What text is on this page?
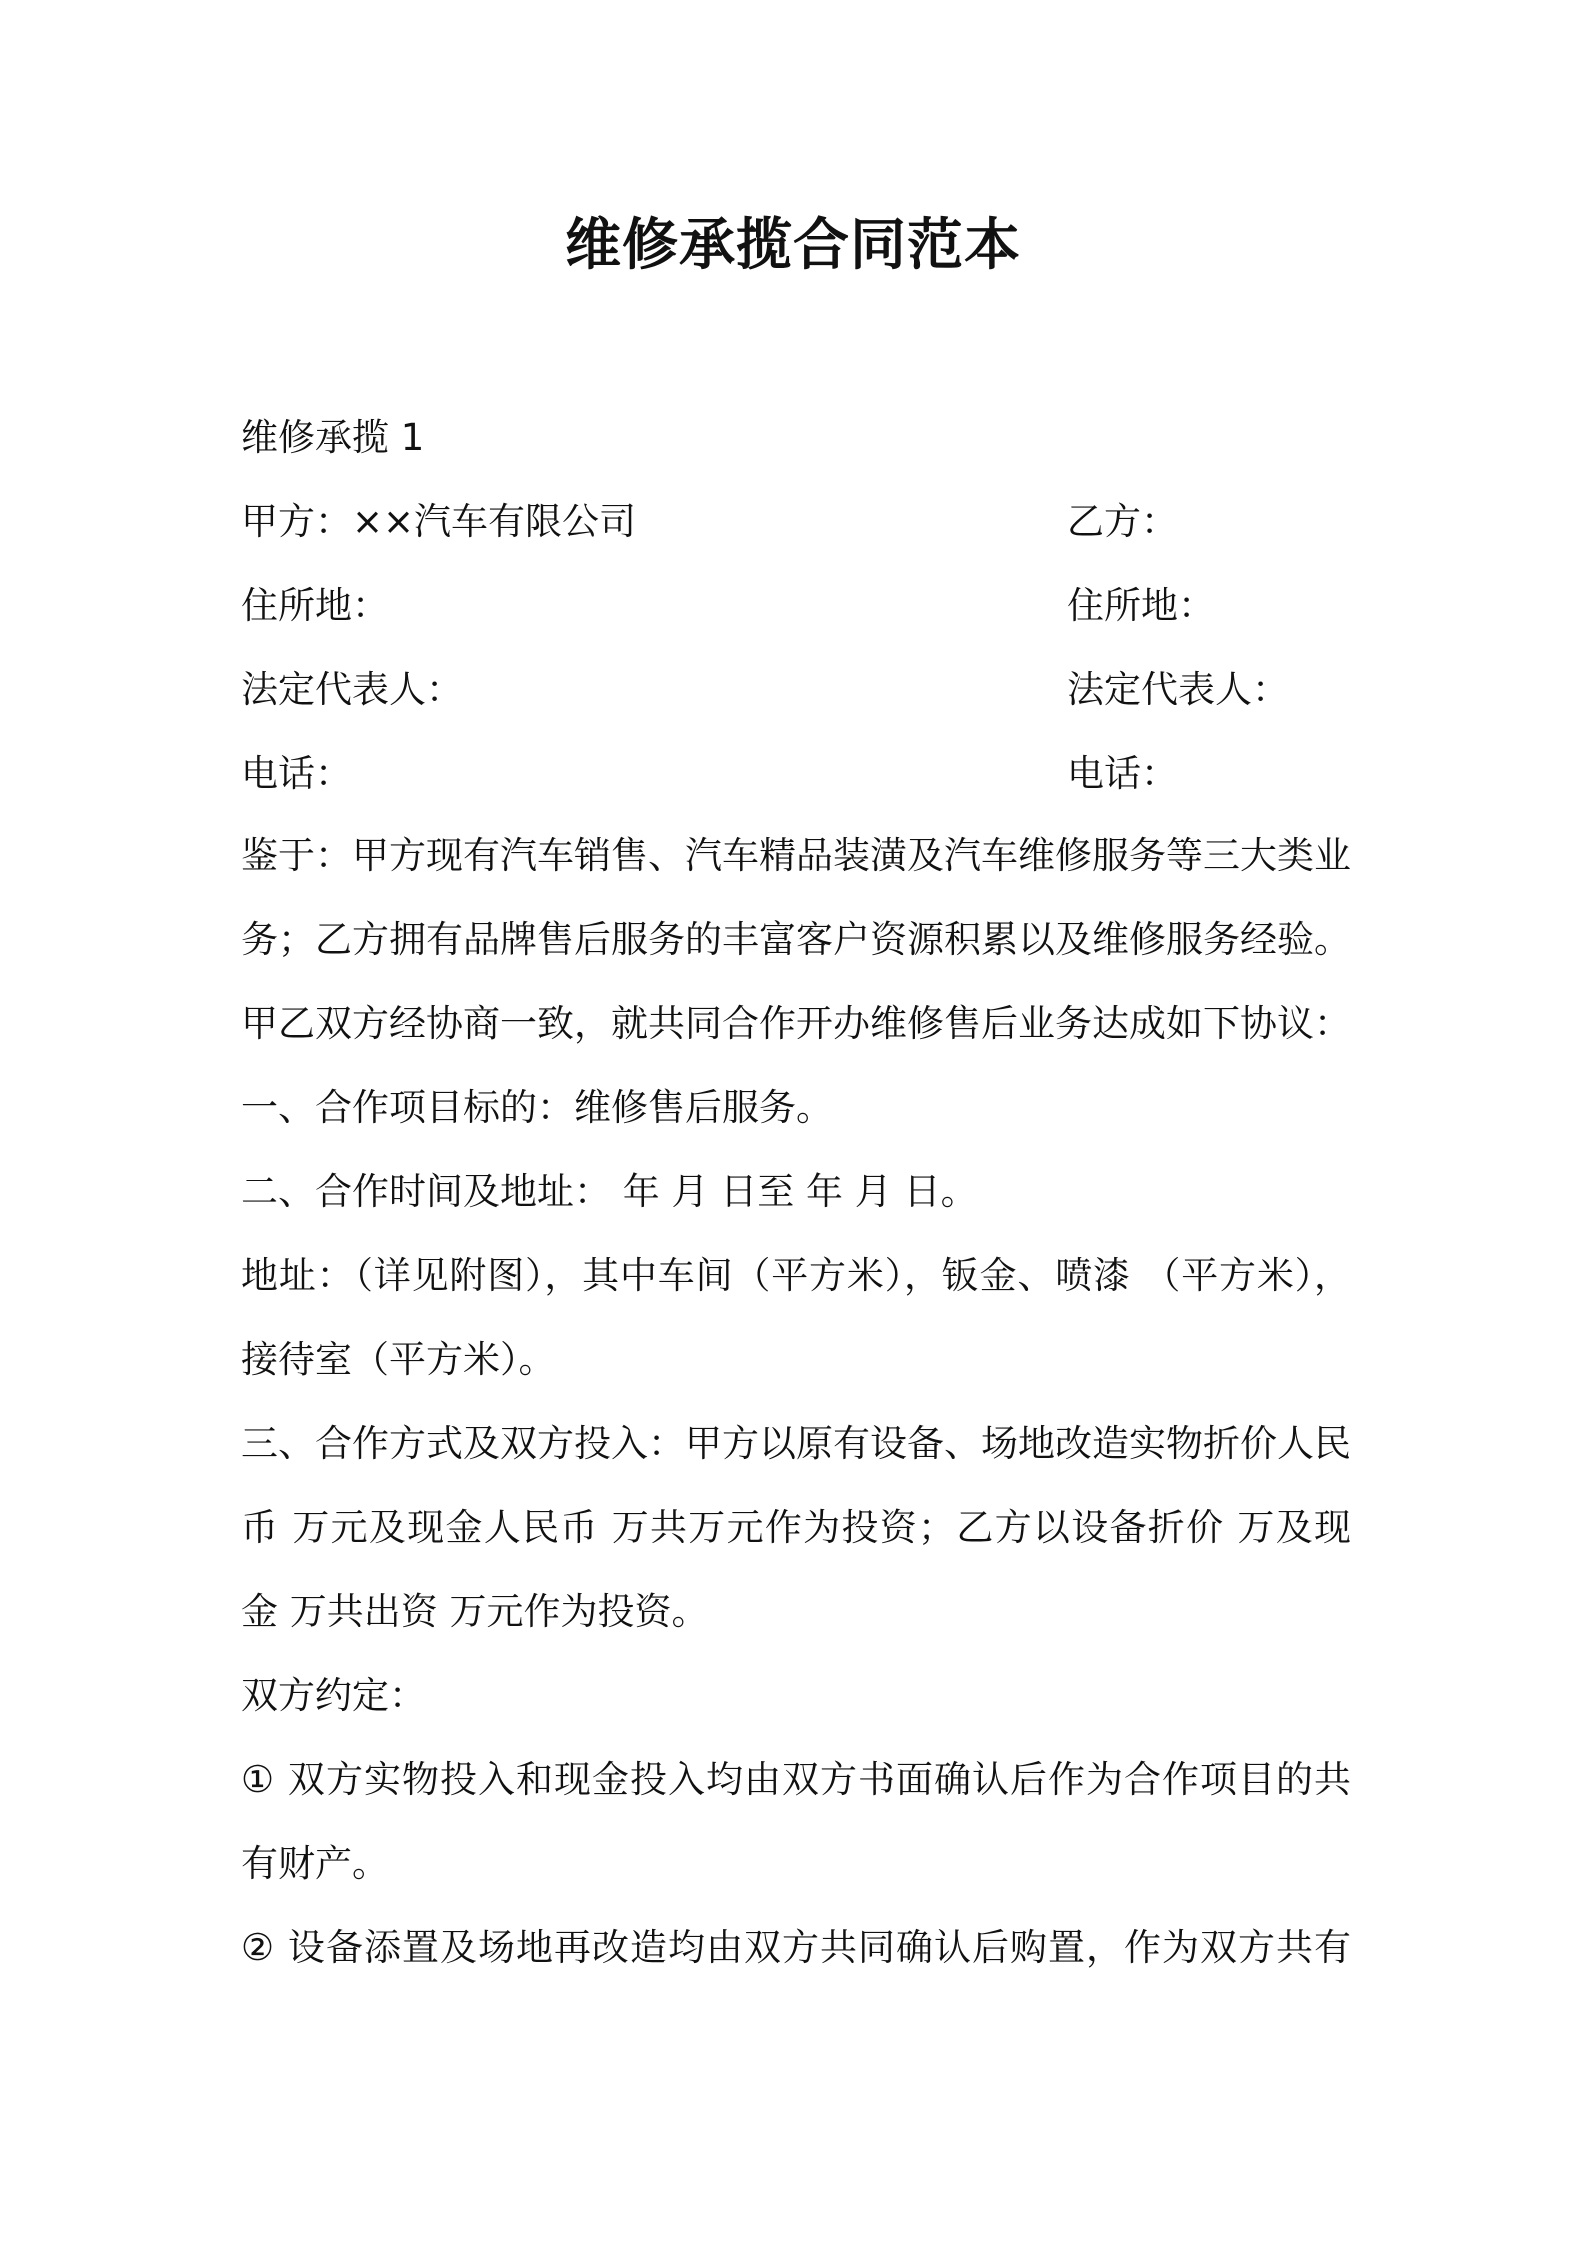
维修承揽合同范本
维修承揽 1
甲方：××汽车有限公司	乙方：
住所地：	住所地：
法定代表人：	法定代表人：
电话：	电话：
鉴于：甲方现有汽车销售、汽车精品装潢及汽车维修服务等三大类业
务；乙方拥有品牌售后服务的丰富客户资源积累以及维修服务经验。
甲乙双方经协商一致，就共同合作开办维修售后业务达成如下协议：
一、合作项目标的：维修售后服务。
二、合作时间及地址： 年 月 日至 年 月 日。
地址：（详见附图），其中车间（平方米），钣金、喷漆 （平方米），
接待室（平方米）。
三、合作方式及双方投入：甲方以原有设备、场地改造实物折价人民
币 万元及现金人民币 万共万元作为投资；乙方以设备折价 万及现
金 万共出资 万元作为投资。
双方约定：
① 双方实物投入和现金投入均由双方书面确认后作为合作项目的共
有财产。
② 设备添置及场地再改造均由双方共同确认后购置，作为双方共有
